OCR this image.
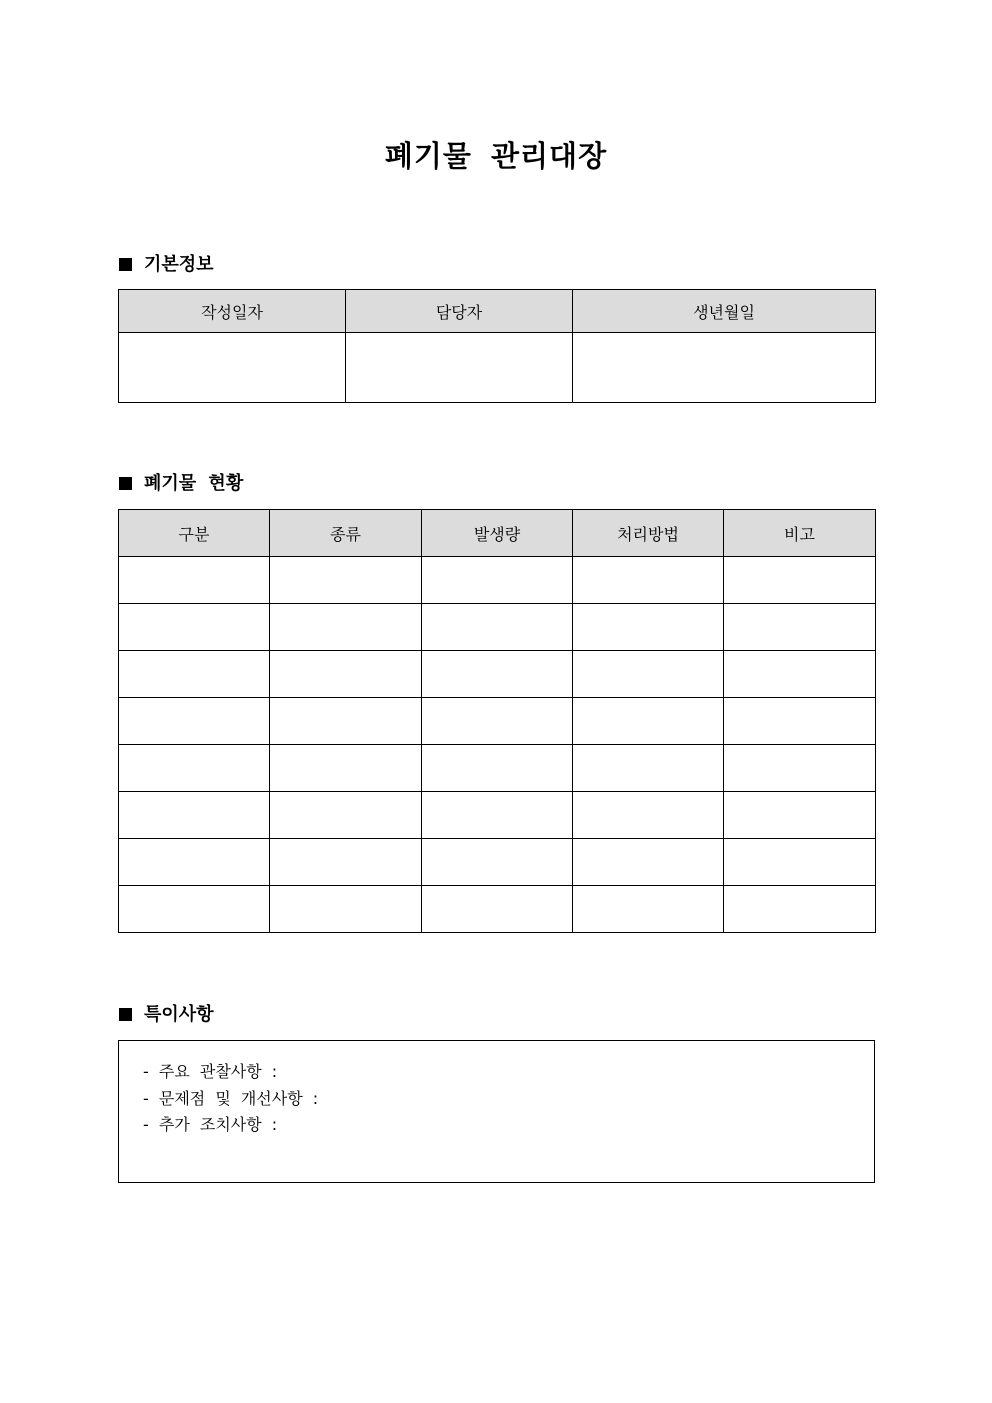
폐기물 관리대장
기본정보
작성일자	담당자	생년월일

폐기물 현황
구분	종류	발생량	처리방법	비고

특이사항
- 주요 관찰사항 :
- 문제점 및 개선사항 :
- 추가 조치사항 :
